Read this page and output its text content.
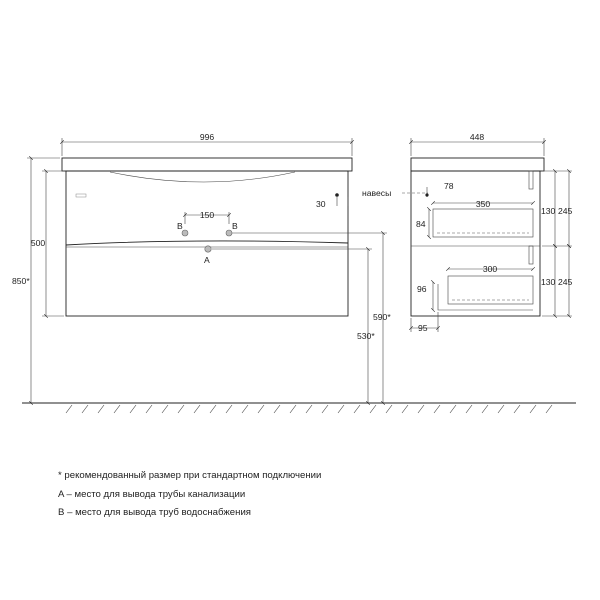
996
500
850*
150
B	B
A
590*
530*
30
навесы
448
350
78
84
300
96
95
130 245
130 245
* рекомендованный размер при стандартном подключении
A – место для вывода трубы канализации
B – место для вывода труб водоснабжения
